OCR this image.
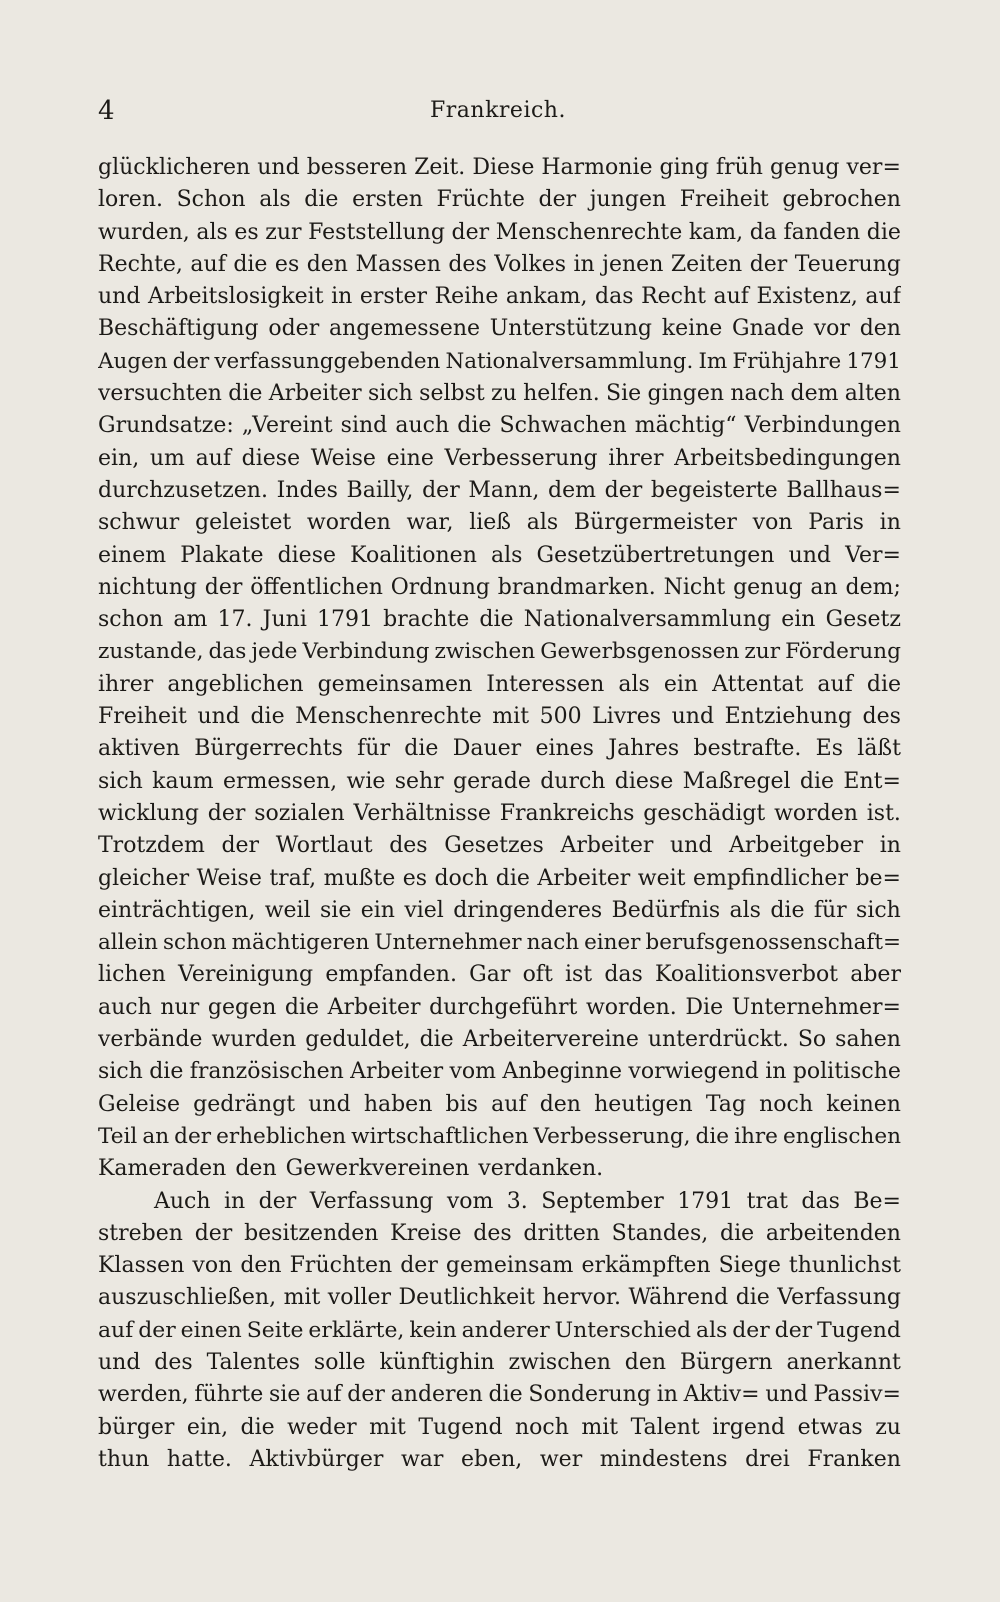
4	Frankreich.
glücklicheren und besseren Zeit. Diese Harmonie ging früh genug ver=
loren. Schon als die ersten Früchte der jungen Freiheit gebrochen
wurden, als es zur Feststellung der Menschenrechte kam, da fanden die
Rechte, auf die es den Massen des Volkes in jenen Zeiten der Teuerung
und Arbeitslosigkeit in erster Reihe ankam, das Recht auf Existenz, auf
Beschäftigung oder angemessene Unterstützung keine Gnade vor den
Augen der verfassunggebenden Nationalversammlung. Im Frühjahre 1791
versuchten die Arbeiter sich selbst zu helfen. Sie gingen nach dem alten
Grundsatze: „Vereint sind auch die Schwachen mächtig“ Verbindungen
ein, um auf diese Weise eine Verbesserung ihrer Arbeitsbedingungen
durchzusetzen. Indes Bailly, der Mann, dem der begeisterte Ballhaus=
schwur geleistet worden war, ließ als Bürgermeister von Paris in
einem Plakate diese Koalitionen als Gesetzübertretungen und Ver=
nichtung der öffentlichen Ordnung brandmarken. Nicht genug an dem;
schon am 17. Juni 1791 brachte die Nationalversammlung ein Gesetz
zustande, das jede Verbindung zwischen Gewerbsgenossen zur Förderung
ihrer angeblichen gemeinsamen Interessen als ein Attentat auf die
Freiheit und die Menschenrechte mit 500 Livres und Entziehung des
aktiven Bürgerrechts für die Dauer eines Jahres bestrafte. Es läßt
sich kaum ermessen, wie sehr gerade durch diese Maßregel die Ent=
wicklung der sozialen Verhältnisse Frankreichs geschädigt worden ist.
Trotzdem der Wortlaut des Gesetzes Arbeiter und Arbeitgeber in
gleicher Weise traf, mußte es doch die Arbeiter weit empfindlicher be=
einträchtigen, weil sie ein viel dringenderes Bedürfnis als die für sich
allein schon mächtigeren Unternehmer nach einer berufsgenossenschaft=
lichen Vereinigung empfanden. Gar oft ist das Koalitionsverbot aber
auch nur gegen die Arbeiter durchgeführt worden. Die Unternehmer=
verbände wurden geduldet, die Arbeitervereine unterdrückt. So sahen
sich die französischen Arbeiter vom Anbeginne vorwiegend in politische
Geleise gedrängt und haben bis auf den heutigen Tag noch keinen
Teil an der erheblichen wirtschaftlichen Verbesserung, die ihre englischen
Kameraden den Gewerkvereinen verdanken.
Auch in der Verfassung vom 3. September 1791 trat das Be=
streben der besitzenden Kreise des dritten Standes, die arbeitenden
Klassen von den Früchten der gemeinsam erkämpften Siege thunlichst
auszuschließen, mit voller Deutlichkeit hervor. Während die Verfassung
auf der einen Seite erklärte, kein anderer Unterschied als der der Tugend
und des Talentes solle künftighin zwischen den Bürgern anerkannt
werden, führte sie auf der anderen die Sonderung in Aktiv= und Passiv=
bürger ein, die weder mit Tugend noch mit Talent irgend etwas zu
thun hatte. Aktivbürger war eben, wer mindestens drei Franken
